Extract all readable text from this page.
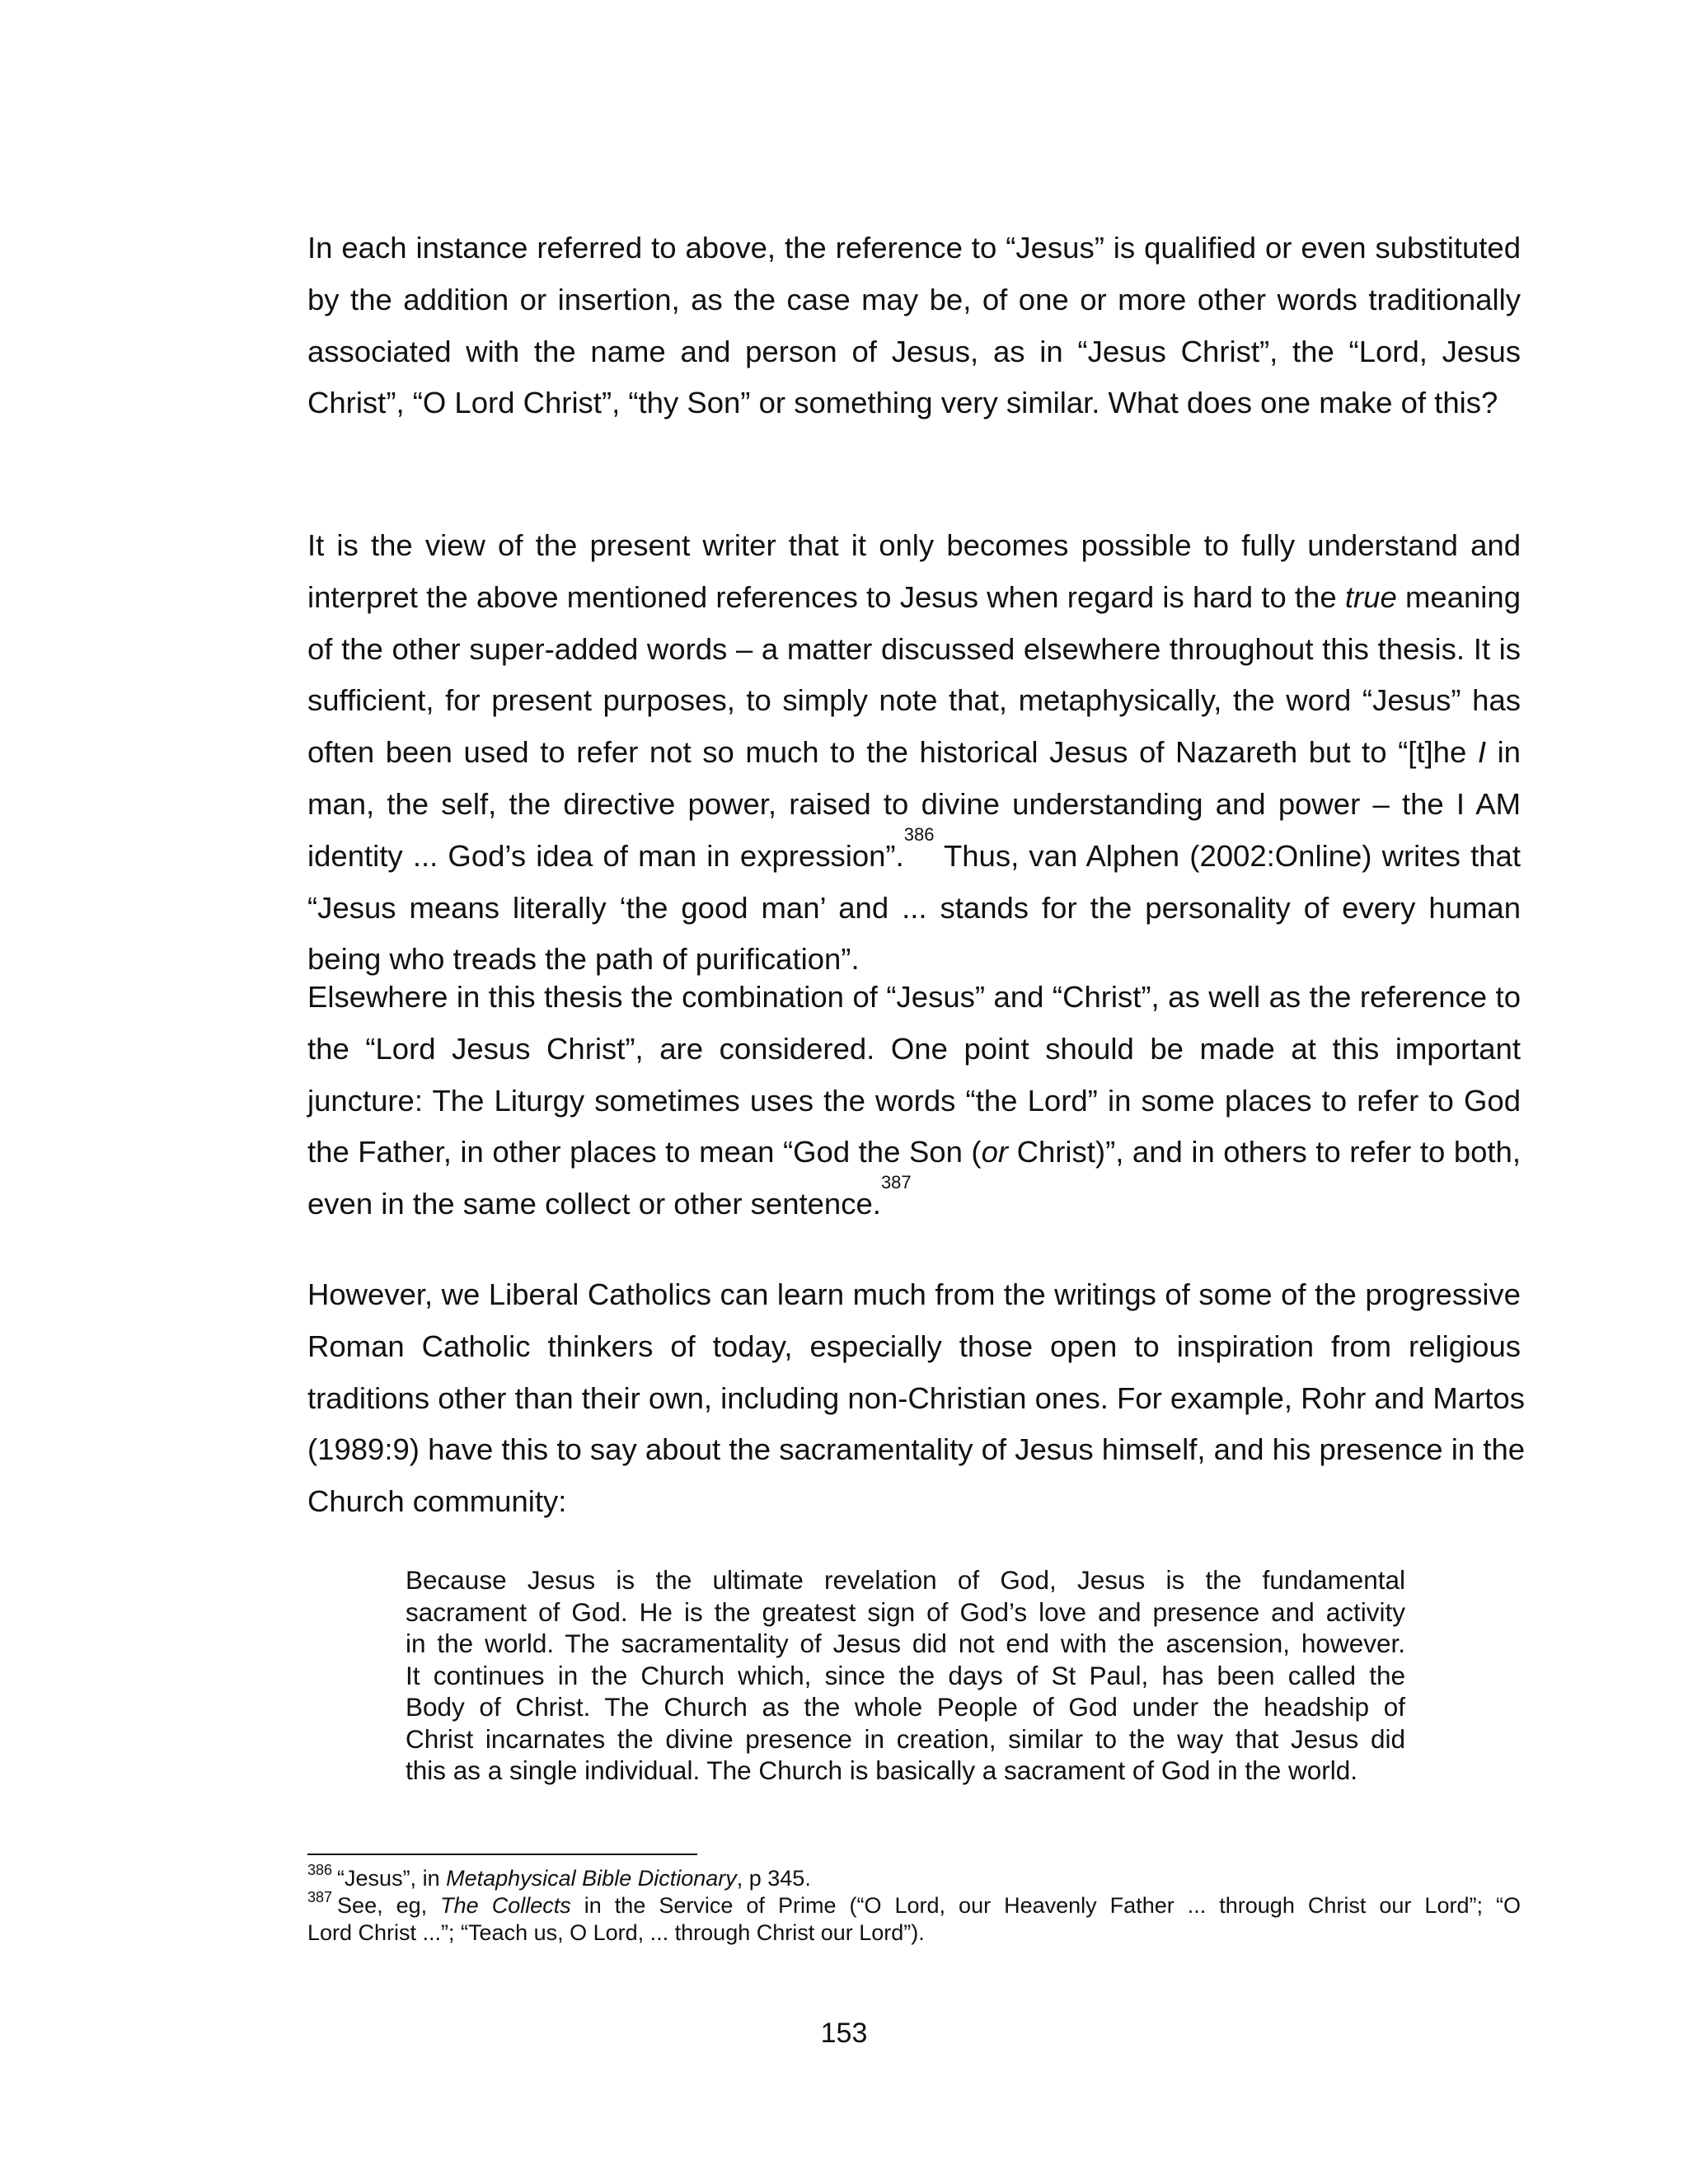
In each instance referred to above, the reference to “Jesus” is qualified or even substituted
by the addition or insertion, as the case may be, of one or more other words traditionally
associated with the name and person of Jesus, as in “Jesus Christ”, the “Lord, Jesus
Christ”, “O Lord Christ”, “thy Son” or something very similar. What does one make of this?

It is the view of the present writer that it only becomes possible to fully understand and
interpret the above mentioned references to Jesus when regard is hard to the true meaning
of the other super-added words – a matter discussed elsewhere throughout this thesis. It is
sufficient, for present purposes, to simply note that, metaphysically, the word “Jesus” has
often been used to refer not so much to the historical Jesus of Nazareth but to “[t]he I in
man, the self, the directive power, raised to divine understanding and power – the I AM
identity ... God’s idea of man in expression”.$^{386}$ Thus, van Alphen (2002:Online) writes that
“Jesus means literally ‘the good man’ and ... stands for the personality of every human
being who treads the path of purification”.

Elsewhere in this thesis the combination of “Jesus” and “Christ”, as well as the reference to
the “Lord Jesus Christ”, are considered. One point should be made at this important
juncture: The Liturgy sometimes uses the words “the Lord” in some places to refer to God
the Father, in other places to mean “God the Son (or Christ)”, and in others to refer to both,
even in the same collect or other sentence.$^{387}$

However, we Liberal Catholics can learn much from the writings of some of the progressive
Roman Catholic thinkers of today, especially those open to inspiration from religious
traditions other than their own, including non-Christian ones. For example, Rohr and Martos
(1989:9) have this to say about the sacramentality of Jesus himself, and his presence in the
Church community:

Because Jesus is the ultimate revelation of God, Jesus is the fundamental
sacrament of God. He is the greatest sign of God’s love and presence and activity
in the world. The sacramentality of Jesus did not end with the ascension, however.
It continues in the Church which, since the days of St Paul, has been called the
Body of Christ. The Church as the whole People of God under the headship of
Christ incarnates the divine presence in creation, similar to the way that Jesus did
this as a single individual. The Church is basically a sacrament of God in the world.
$^{386}$ “Jesus”, in Metaphysical Bible Dictionary, p 345.
$^{387}$ See, eg, The Collects in the Service of Prime (“O Lord, our Heavenly Father ... through Christ our Lord”; “O
Lord Christ ...”; “Teach us, O Lord, ... through Christ our Lord”).
153
